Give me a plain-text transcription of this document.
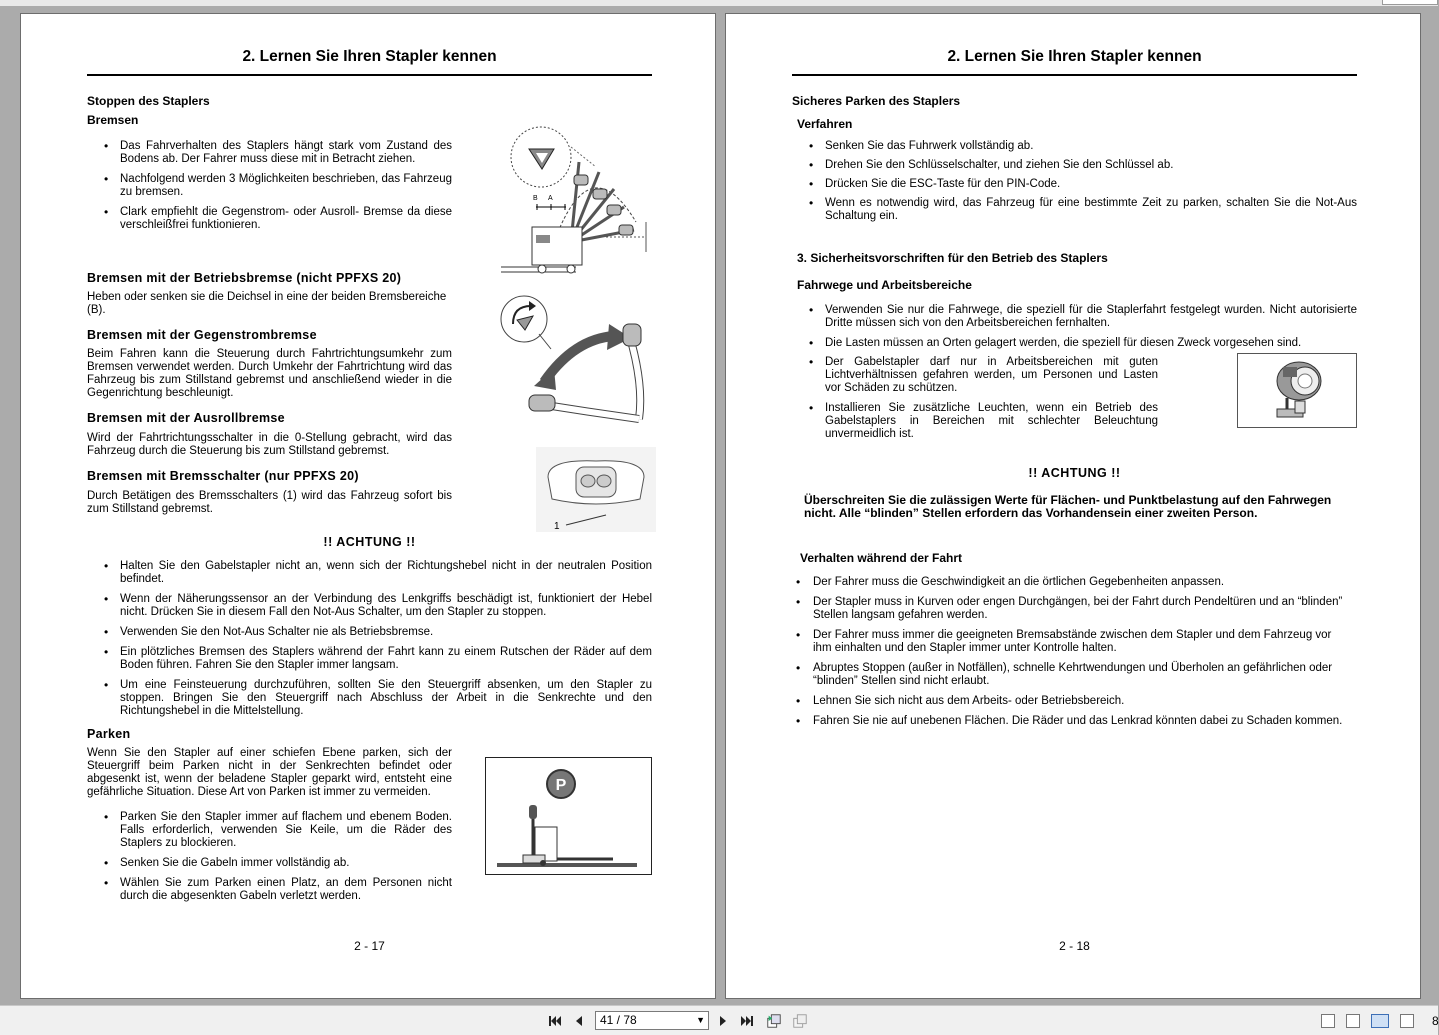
2. Lernen Sie Ihren Stapler kennen
Stoppen des Staplers
Bremsen
• Das Fahrverhalten des Staplers hängt stark vom Zustand des Bodens ab. Der Fahrer muss diese mit in Betracht ziehen.
• Nachfolgend werden 3 Möglichkeiten beschrieben, das Fahrzeug zu bremsen.
• Clark empfiehlt die Gegenstrom- oder Ausroll- Bremse da diese verschleißfrei funktionieren.
B A
Bremsen mit der Betriebsbremse (nicht PPFXS 20)
Heben oder senken sie die Deichsel in eine der beiden Bremsbereiche (B).
Bremsen mit der Gegenstrombremse
Beim Fahren kann die Steuerung durch Fahrtrichtungsumkehr zum Bremsen verwendet werden. Durch Umkehr der Fahrtrichtung wird das Fahrzeug bis zum Stillstand gebremst und anschließend wieder in die Gegenrichtung beschleunigt.
Bremsen mit der Ausrollbremse
Wird der Fahrtrichtungsschalter in die 0-Stellung gebracht, wird das Fahrzeug durch die Steuerung bis zum Stillstand gebremst.
Bremsen mit Bremsschalter (nur PPFXS 20)
Durch Betätigen des Bremsschalters (1) wird das Fahrzeug sofort bis zum Stillstand gebremst.
1
!! ACHTUNG !!
• Halten Sie den Gabelstapler nicht an, wenn sich der Richtungshebel nicht in der neutralen Position befindet.
• Wenn der Näherungssensor an der Verbindung des Lenkgriffs beschädigt ist, funktioniert der Hebel nicht. Drücken Sie in diesem Fall den Not-Aus Schalter, um den Stapler zu stoppen.
• Verwenden Sie den Not-Aus Schalter nie als Betriebsbremse.
• Ein plötzliches Bremsen des Staplers während der Fahrt kann zu einem Rutschen der Räder auf dem Boden führen. Fahren Sie den Stapler immer langsam.
• Um eine Feinsteuerung durchzuführen, sollten Sie den Steuergriff absenken, um den Stapler zu stoppen. Bringen Sie den Steuergriff nach Abschluss der Arbeit in die Senkrechte und den Richtungshebel in die Mittelstellung.
Parken
Wenn Sie den Stapler auf einer schiefen Ebene parken, sich der Steuergriff beim Parken nicht in der Senkrechten befindet oder abgesenkt ist, wenn der beladene Stapler geparkt wird, entsteht eine gefährliche Situation. Diese Art von Parken ist immer zu vermeiden.
• Parken Sie den Stapler immer auf flachem und ebenem Boden. Falls erforderlich, verwenden Sie Keile, um die Räder des Staplers zu blockieren.
• Senken Sie die Gabeln immer vollständig ab.
• Wählen Sie zum Parken einen Platz, an dem Personen nicht durch die abgesenkten Gabeln verletzt werden.
P
2 - 17
2. Lernen Sie Ihren Stapler kennen
Sicheres Parken des Staplers
Verfahren
• Senken Sie das Fuhrwerk vollständig ab.
• Drehen Sie den Schlüsselschalter, und ziehen Sie den Schlüssel ab.
• Drücken Sie die ESC-Taste für den PIN-Code.
• Wenn es notwendig wird, das Fahrzeug für eine bestimmte Zeit zu parken, schalten Sie die Not-Aus Schaltung ein.
3. Sicherheitsvorschriften für den Betrieb des Staplers
Fahrwege und Arbeitsbereiche
• Verwenden Sie nur die Fahrwege, die speziell für die Staplerfahrt festgelegt wurden. Nicht autorisierte Dritte müssen sich von den Arbeitsbereichen fernhalten.
• Die Lasten müssen an Orten gelagert werden, die speziell für diesen Zweck vorgesehen sind.
• Der Gabelstapler darf nur in Arbeitsbereichen mit guten Lichtverhältnissen gefahren werden, um Personen und Lasten vor Schäden zu schützen.
• Installieren Sie zusätzliche Leuchten, wenn ein Betrieb des Gabelstaplers in Bereichen mit schlechter Beleuchtung unvermeidlich ist.
!! ACHTUNG !!
Überschreiten Sie die zulässigen Werte für Flächen- und Punktbelastung auf den Fahrwegen nicht. Alle “blinden” Stellen erfordern das Vorhandensein einer zweiten Person.
Verhalten während der Fahrt
• Der Fahrer muss die Geschwindigkeit an die örtlichen Gegebenheiten anpassen.
• Der Stapler muss in Kurven oder engen Durchgängen, bei der Fahrt durch Pendeltüren und an “blinden” Stellen langsam gefahren werden.
• Der Fahrer muss immer die geeigneten Bremsabstände zwischen dem Stapler und dem Fahrzeug vor ihm einhalten und den Stapler immer unter Kontrolle halten.
• Abruptes Stoppen (außer in Notfällen), schnelle Kehrtwendungen und Überholen an gefährlichen oder “blinden” Stellen sind nicht erlaubt.
• Lehnen Sie sich nicht aus dem Arbeits- oder Betriebsbereich.
• Fahren Sie nie auf unebenen Flächen. Die Räder und das Lenkrad könnten dabei zu Schaden kommen.
2 - 18
41 / 78	▼	8
